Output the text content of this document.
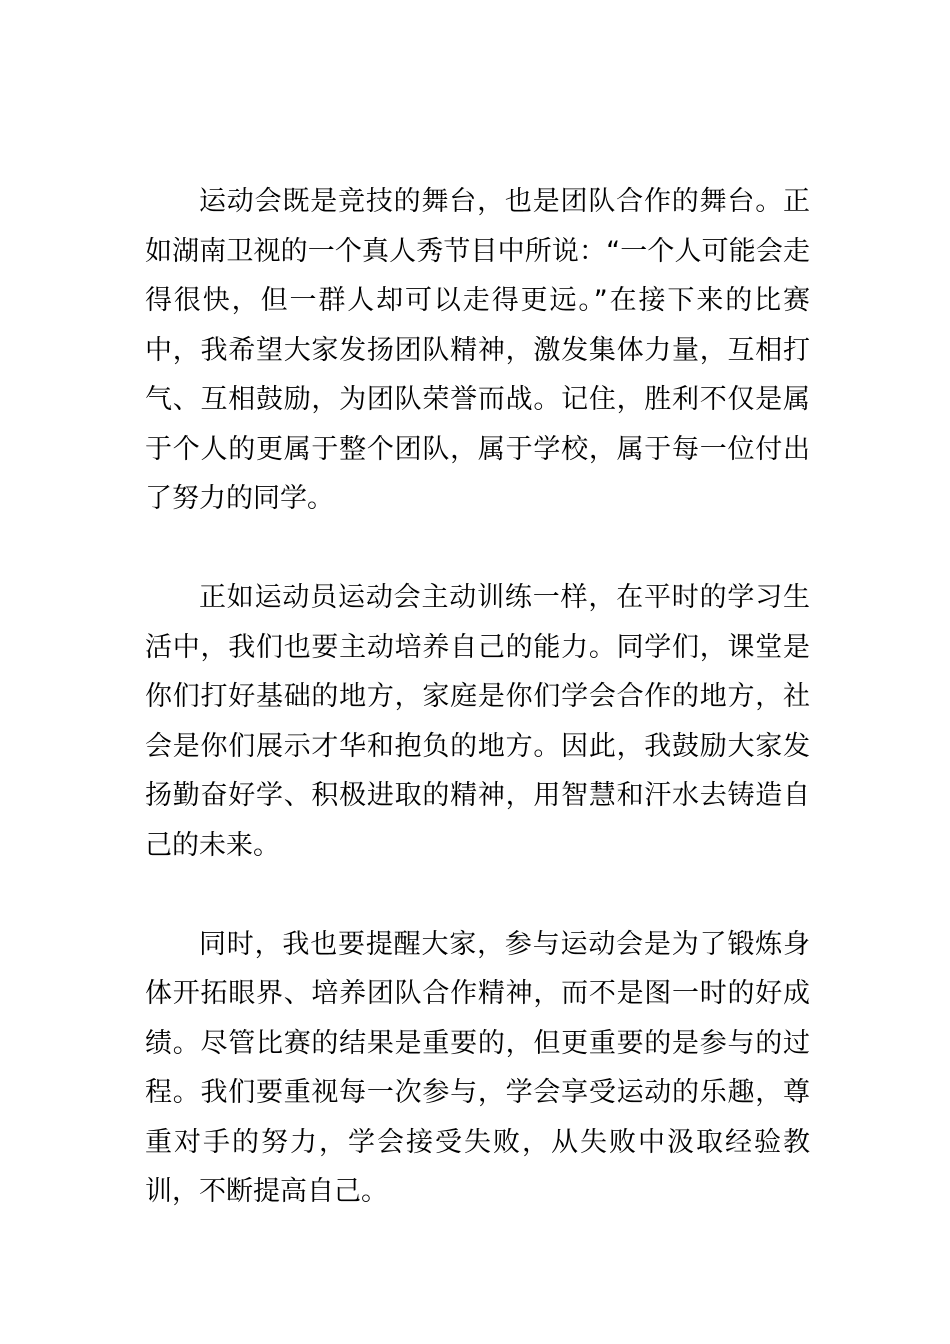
运动会既是竞技的舞台，也是团队合作的舞台。正如湖南卫视的一个真人秀节目中所说：“一个人可能会走得很快，但一群人却可以走得更远。”在接下来的比赛中，我希望大家发扬团队精神，激发集体力量，互相打气、互相鼓励，为团队荣誉而战。记住，胜利不仅是属于个人的更属于整个团队，属于学校，属于每一位付出了努力的同学。

正如运动员运动会主动训练一样，在平时的学习生活中，我们也要主动培养自己的能力。同学们，课堂是你们打好基础的地方，家庭是你们学会合作的地方，社会是你们展示才华和抱负的地方。因此，我鼓励大家发扬勤奋好学、积极进取的精神，用智慧和汗水去铸造自己的未来。

同时，我也要提醒大家，参与运动会是为了锻炼身体开拓眼界、培养团队合作精神，而不是图一时的好成绩。尽管比赛的结果是重要的，但更重要的是参与的过程。我们要重视每一次参与，学会享受运动的乐趣，尊重对手的努力，学会接受失败，从失败中汲取经验教训，不断提高自己。
